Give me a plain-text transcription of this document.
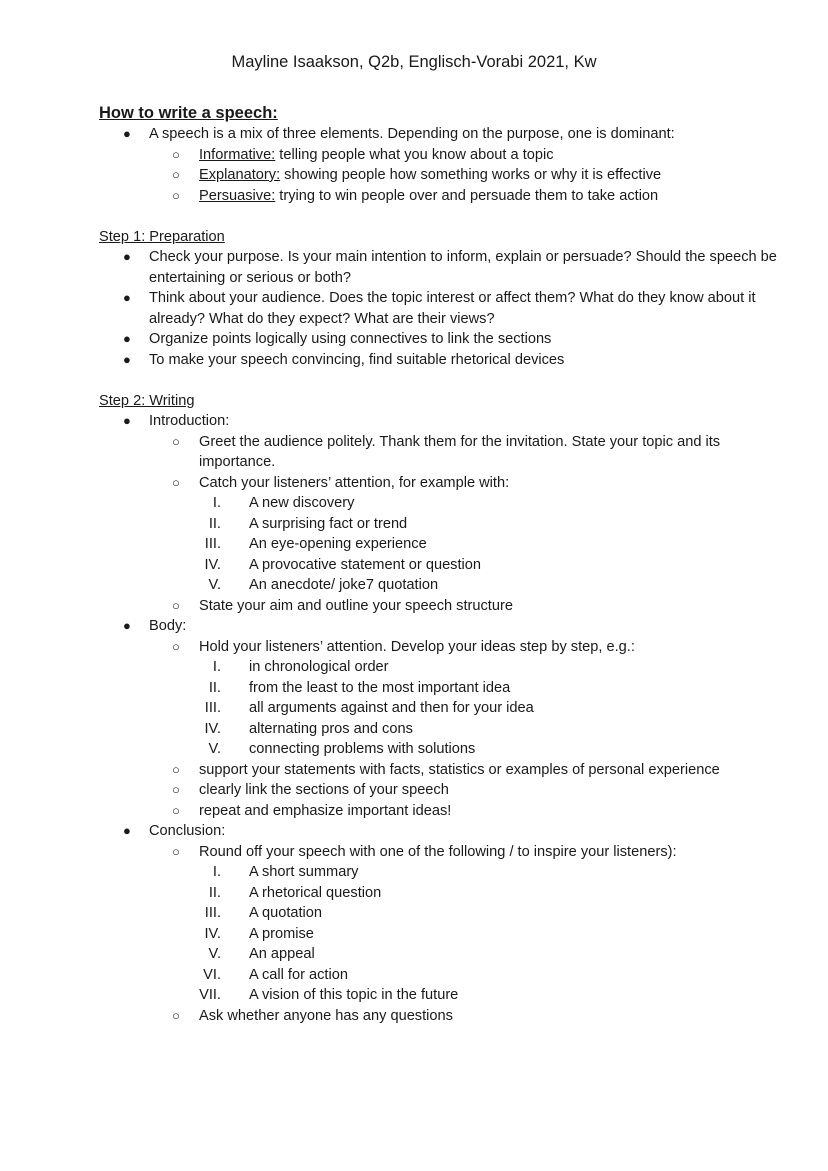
Mayline Isaakson, Q2b, Englisch-Vorabi 2021, Kw
How to write a speech:
● A speech is a mix of three elements. Depending on the purpose, one is dominant:
○ Informative: telling people what you know about a topic
○ Explanatory: showing people how something works or why it is effective
○ Persuasive: trying to win people over and persuade them to take action
Step 1: Preparation
● Check your purpose. Is your main intention to inform, explain or persuade? Should the speech be entertaining or serious or both?
● Think about your audience. Does the topic interest or affect them? What do they know about it already? What do they expect? What are their views?
● Organize points logically using connectives to link the sections
● To make your speech convincing, find suitable rhetorical devices
Step 2: Writing
● Introduction:
○ Greet the audience politely. Thank them for the invitation. State your topic and its importance.
○ Catch your listeners’ attention, for example with:
I. A new discovery
II. A surprising fact or trend
III. An eye-opening experience
IV. A provocative statement or question
V. An anecdote/ joke7 quotation
○ State your aim and outline your speech structure
● Body:
○ Hold your listeners’ attention. Develop your ideas step by step, e.g.:
I. in chronological order
II. from the least to the most important idea
III. all arguments against and then for your idea
IV. alternating pros and cons
V. connecting problems with solutions
○ support your statements with facts, statistics or examples of personal experience
○ clearly link the sections of your speech
○ repeat and emphasize important ideas!
● Conclusion:
○ Round off your speech with one of the following / to inspire your listeners):
I. A short summary
II. A rhetorical question
III. A quotation
IV. A promise
V. An appeal
VI. A call for action
VII. A vision of this topic in the future
○ Ask whether anyone has any questions
